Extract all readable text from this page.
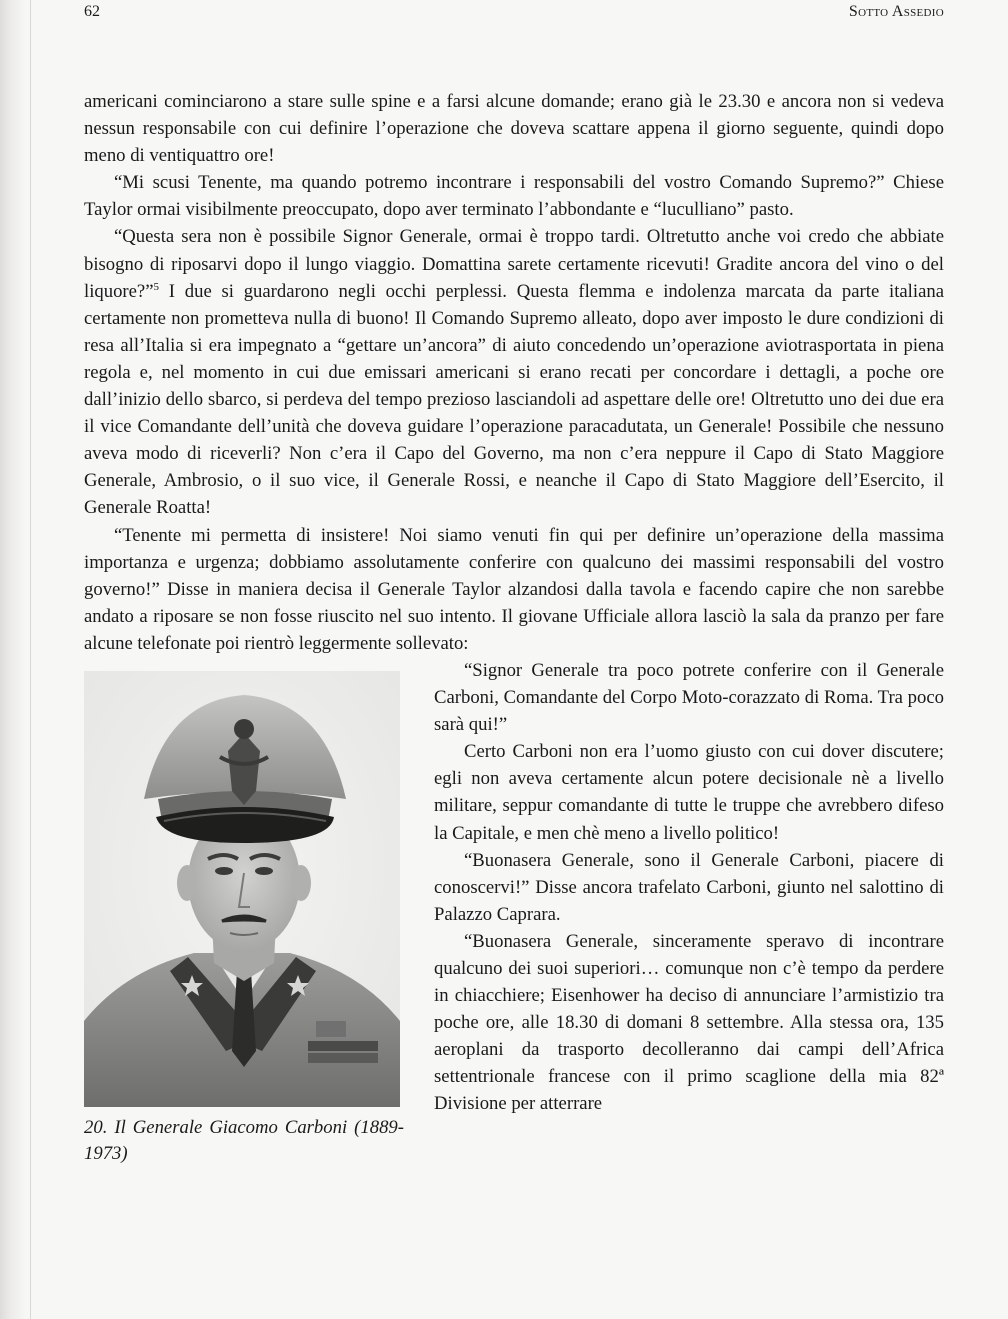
62	Sotto Assedio

americani cominciarono a stare sulle spine e a farsi alcune domande; erano già le 23.30 e ancora non si vedeva nessun responsabile con cui definire l’operazione che doveva scattare appena il giorno seguente, quindi dopo meno di ventiquattro ore!

“Mi scusi Tenente, ma quando potremo incontrare i responsabili del vostro Comando Supremo?” Chiese Taylor ormai visibilmente preoccupato, dopo aver terminato l’abbondante e “luculliano” pasto.

“Questa sera non è possibile Signor Generale, ormai è troppo tardi. Oltretutto anche voi credo che abbiate bisogno di riposarvi dopo il lungo viaggio. Domattina sarete certamente ricevuti! Gradite ancora del vino o del liquore?”$^5$ I due si guardarono negli occhi perplessi. Questa flemma e indolenza marcata da parte italiana certamente non prometteva nulla di buono! Il Comando Supremo alleato, dopo aver imposto le dure condizioni di resa all’Italia si era impegnato a “gettare un’ancora” di aiuto concedendo un’operazione aviotrasportata in piena regola e, nel momento in cui due emissari americani si erano recati per concordare i dettagli, a poche ore dall’inizio dello sbarco, si perdeva del tempo prezioso lasciandoli ad aspettare delle ore! Oltretutto uno dei due era il vice Comandante dell’unità che doveva guidare l’operazione paracadutata, un Generale! Possibile che nessuno aveva modo di riceverli? Non c’era il Capo del Governo, ma non c’era neppure il Capo di Stato Maggiore Generale, Ambrosio, o il suo vice, il Generale Rossi, e neanche il Capo di Stato Maggiore dell’Esercito, il Generale Roatta!

“Tenente mi permetta di insistere! Noi siamo venuti fin qui per definire un’operazione della massima importanza e urgenza; dobbiamo assolutamente conferire con qualcuno dei massimi responsabili del vostro governo!” Disse in maniera decisa il Generale Taylor alzandosi dalla tavola e facendo capire che non sarebbe andato a riposare se non fosse riuscito nel suo intento. Il giovane Ufficiale allora lasciò la sala da pranzo per fare alcune telefonate poi rientrò leggermente sollevato:

20. Il Generale Giacomo Carboni (1889-1973)

“Signor Generale tra poco potrete conferire con il Generale Carboni, Comandante del Corpo Moto-corazzato di Roma. Tra poco sarà qui!”

Certo Carboni non era l’uomo giusto con cui dover discutere; egli non aveva certamente alcun potere decisionale nè a livello militare, seppur comandante di tutte le truppe che avrebbero difeso la Capitale, e men chè meno a livello politico!

“Buonasera Generale, sono il Generale Carboni, piacere di conoscervi!” Disse ancora trafelato Carboni, giunto nel salottino di Palazzo Caprara.

“Buonasera Generale, sinceramente speravo di incontrare qualcuno dei suoi superiori… comunque non c’è tempo da perdere in chiacchiere; Eisenhower ha deciso di annunciare l’armistizio tra poche ore, alle 18.30 di domani 8 settembre. Alla stessa ora, 135 aeroplani da trasporto decolleranno dai campi dell’Africa settentrionale francese con il primo scaglione della mia 82ª Divisione per atterrare
